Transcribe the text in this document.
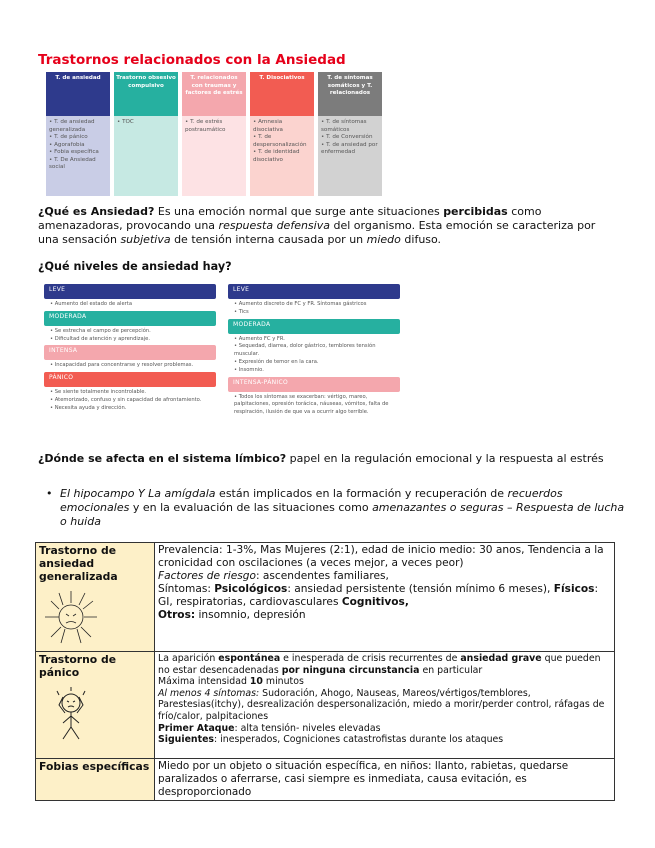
Trastornos relacionados con la Ansiedad
T. de ansiedad
• T. de ansiedad generalizada
• T. de pánico
• Agorafobia
• Fobia específica
• T. De Ansiedad social
Trastorno obsesivo compulsivo
• TOC
T. relacionados con traumas y factores de estrés
• T. de estrés postraumático
T. Disociativos
• Amnesia disociativa
• T. de despersonalización
• T. de identidad disociativo
T. de síntomas somáticos y T. relacionados
• T. de síntomas somáticos
• T. de Conversión
• T. de ansiedad por enfermedad

¿Qué es Ansiedad? Es una emoción normal que surge ante situaciones percibidas como amenazadoras, provocando una respuesta defensiva del organismo. Esta emoción se caracteriza por una sensación subjetiva de tensión interna causada por un miedo difuso.

¿Qué niveles de ansiedad hay?
LEVE
• Aumento del estado de alerta
MODERADA
• Se estrecha el campo de percepción.
• Dificultad de atención y aprendizaje.
INTENSA
• Incapacidad para concentrarse y resolver problemas.
PÁNICO
• Se siente totalmente incontrolable.
• Atemorizado, confuso y sin capacidad de afrontamiento.
• Necesita ayuda y dirección.
LEVE
• Aumento discreto de FC y FR. Síntomas gástricos
• Tics
MODERADA
• Aumento FC y FR.
• Sequedad, diarrea, dolor gástrico, temblores tensión muscular.
• Expresión de temor en la cara.
• Insomnio.
INTENSA-PÁNICO
• Todos los síntomas se exacerban: vértigo, mareo, palpitaciones, opresión torácica, náuseas, vómitos, falta de respiración, ilusión de que va a ocurrir algo terrible.

¿Dónde se afecta en el sistema límbico? papel en la regulación emocional y la respuesta al estrés

• El hipocampo Y La amígdala están implicados en la formación y recuperación de recuerdos emocionales y en la evaluación de las situaciones como amenazantes o seguras – Respuesta de lucha o huida
Trastorno de ansiedad generalizada	Prevalencia: 1-3%, Mas Mujeres (2:1), edad de inicio medio: 30 anos, Tendencia a la cronicidad con oscilaciones (a veces mejor, a veces peor)
Factores de riesgo: ascendentes familiares,
Síntomas: Psicológicos: ansiedad persistente (tensión mínimo 6 meses), Físicos: GI, respiratorias, cardiovasculares Cognitivos,
Otros: insomnio, depresión

Trastorno de pánico	La aparición espontánea e inesperada de crisis recurrentes de ansiedad grave que pueden no estar desencadenadas por ninguna circunstancia en particular
Máxima intensidad 10 minutos
Al menos 4 síntomas: Sudoración, Ahogo, Nauseas, Mareos/vértigos/temblores, Parestesias(itchy), desrealización despersonalización, miedo a morir/perder control, ráfagas de frío/calor, palpitaciones
Primer Ataque: alta tensión- niveles elevadas
Siguientes: inesperados, Cogniciones catastrofistas durante los ataques
Fobias específicas	Miedo por un objeto o situación específica, en niños: llanto, rabietas, quedarse paralizados o aferrarse, casi siempre es inmediata, causa evitación, es desproporcionado
